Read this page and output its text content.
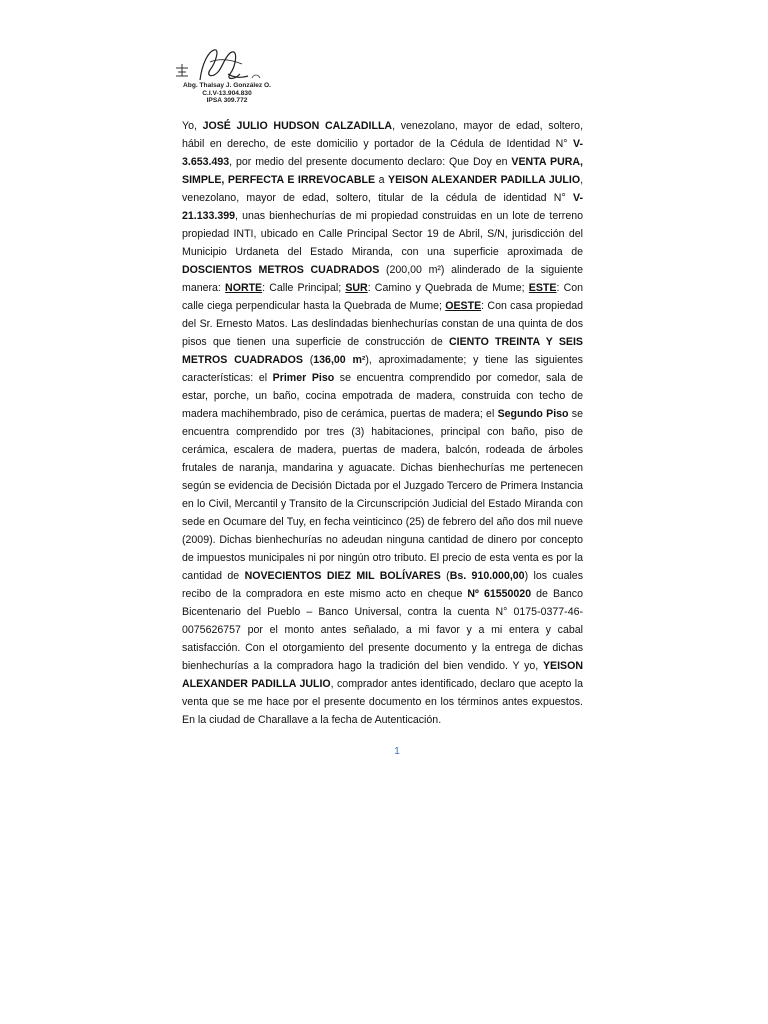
Abg. Thalsay J. González O.
C.I.V-13.904.830
IPSA 309.772

Yo, JOSÉ JULIO HUDSON CALZADILLA, venezolano, mayor de edad, soltero, hábil en derecho, de este domicilio y portador de la Cédula de Identidad N° V-3.653.493, por medio del presente documento declaro: Que Doy en VENTA PURA, SIMPLE, PERFECTA E IRREVOCABLE a YEISON ALEXANDER PADILLA JULIO, venezolano, mayor de edad, soltero, titular de la cédula de identidad N° V-21.133.399, unas bienhechurías de mi propiedad construidas en un lote de terreno propiedad INTI, ubicado en Calle Principal Sector 19 de Abril, S/N, jurisdicción del Municipio Urdaneta del Estado Miranda, con una superficie aproximada de DOSCIENTOS METROS CUADRADOS (200,00 m²) alinderado de la siguiente manera: NORTE: Calle Principal; SUR: Camino y Quebrada de Mume; ESTE: Con calle ciega perpendicular hasta la Quebrada de Mume; OESTE: Con casa propiedad del Sr. Ernesto Matos. Las deslindadas bienhechurías constan de una quinta de dos pisos que tienen una superficie de construcción de CIENTO TREINTA Y SEIS METROS CUADRADOS (136,00 m²), aproximadamente; y tiene las siguientes características: el Primer Piso se encuentra comprendido por comedor, sala de estar, porche, un baño, cocina empotrada de madera, construida con techo de madera machihembrado, piso de cerámica, puertas de madera; el Segundo Piso se encuentra comprendido por tres (3) habitaciones, principal con baño, piso de cerámica, escalera de madera, puertas de madera, balcón, rodeada de árboles frutales de naranja, mandarina y aguacate. Dichas bienhechurías me pertenecen según se evidencia de Decisión Dictada por el Juzgado Tercero de Primera Instancia en lo Civil, Mercantil y Transito de la Circunscripción Judicial del Estado Miranda con sede en Ocumare del Tuy, en fecha veinticinco (25) de febrero del año dos mil nueve (2009). Dichas bienhechurías no adeudan ninguna cantidad de dinero por concepto de impuestos municipales ni por ningún otro tributo. El precio de esta venta es por la cantidad de NOVECIENTOS DIEZ MIL BOLÍVARES (Bs. 910.000,00) los cuales recibo de la compradora en este mismo acto en cheque Nº 61550020 de Banco Bicentenario del Pueblo – Banco Universal, contra la cuenta N° 0175-0377-46-0075626757 por el monto antes señalado, a mi favor y a mi entera y cabal satisfacción. Con el otorgamiento del presente documento y la entrega de dichas bienhechurías a la compradora hago la tradición del bien vendido. Y yo, YEISON ALEXANDER PADILLA JULIO, comprador antes identificado, declaro que acepto la venta que se me hace por el presente documento en los términos antes expuestos. En la ciudad de Charallave a la fecha de Autenticación.

1
